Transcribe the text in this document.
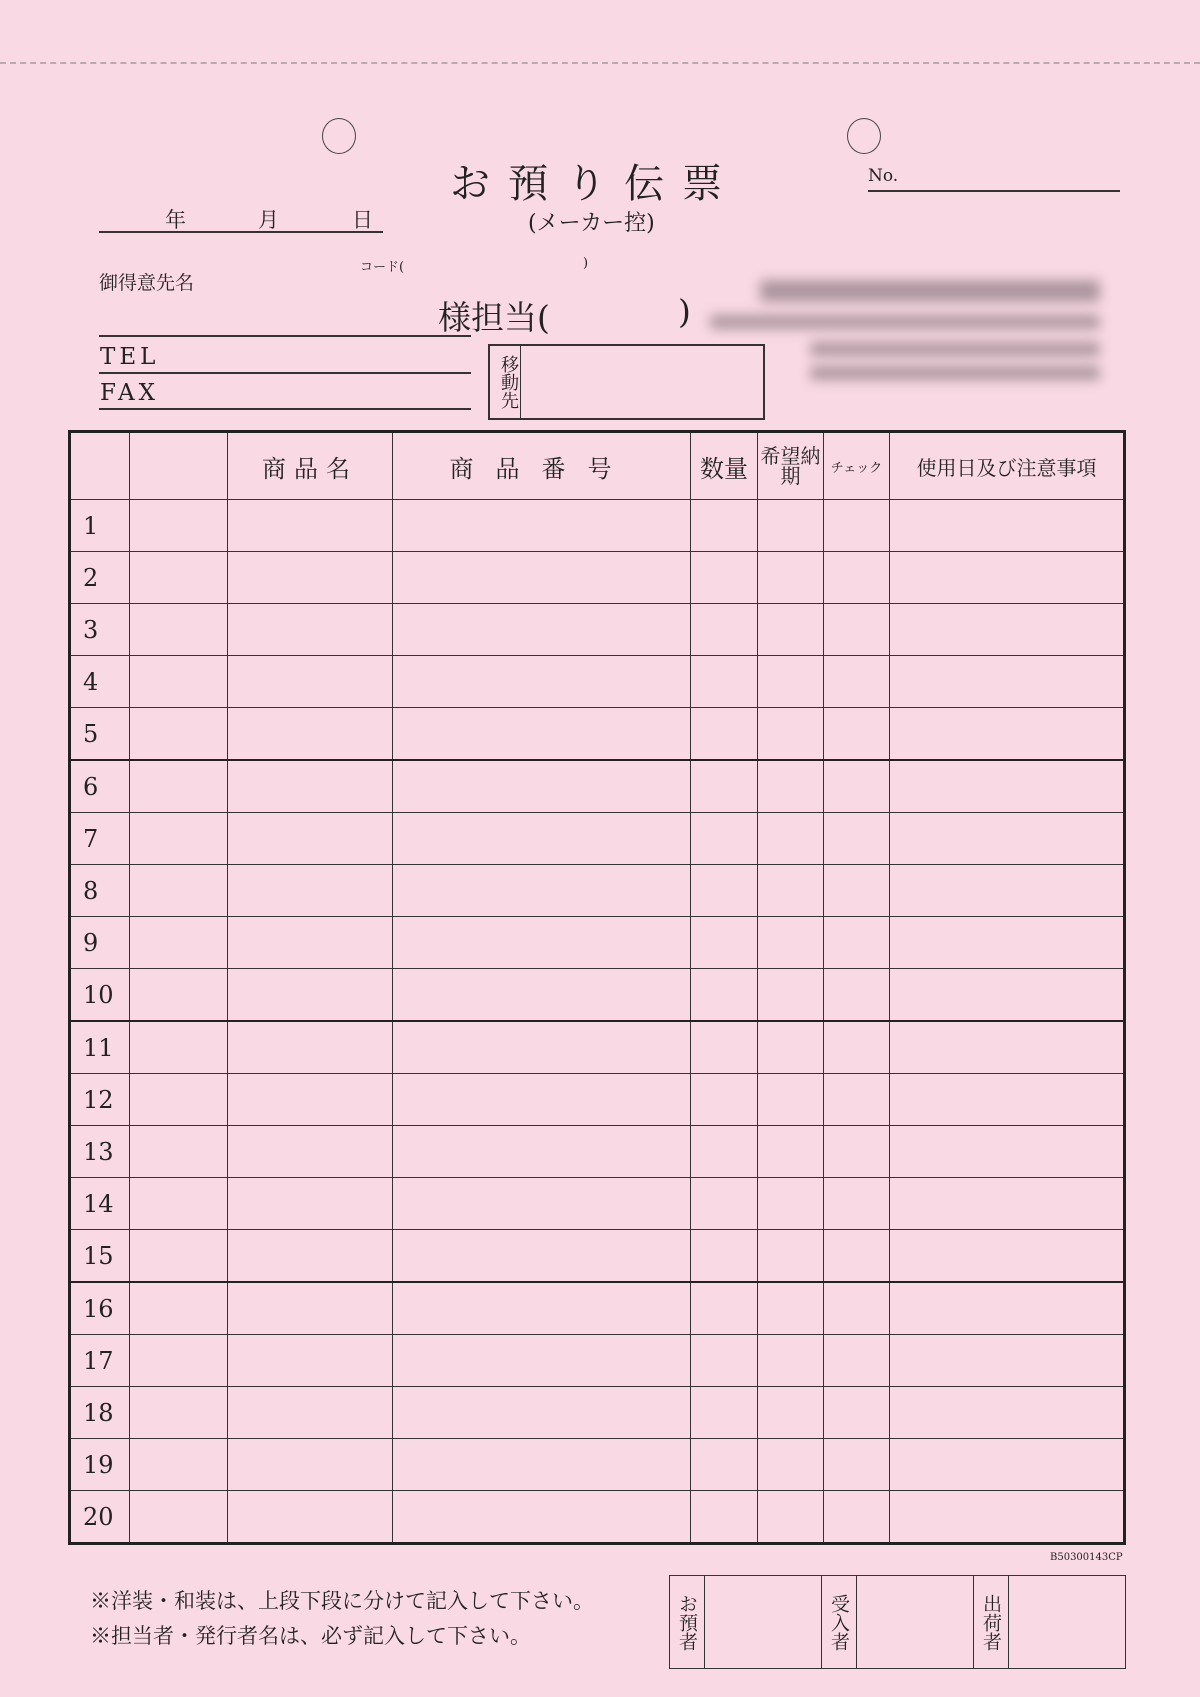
お預り伝票
(メーカー控)
No.
年	月	日
御得意先名
コード(	)
様担当(	)
TEL
FAX	移動先
		商品名	商品番号	数量	希望納期	チェック	使用日及び注意事項
1							
2							
3							
4							
5							
6							
7							
8							
9							
10							
11							
12							
13							
14							
15							
16							
17							
18							
19							
20							
B50300143CP
※洋装・和装は、上段下段に分けて記入して下さい。
※担当者・発行者名は、必ず記入して下さい。	お預者		受入者		出荷者	
